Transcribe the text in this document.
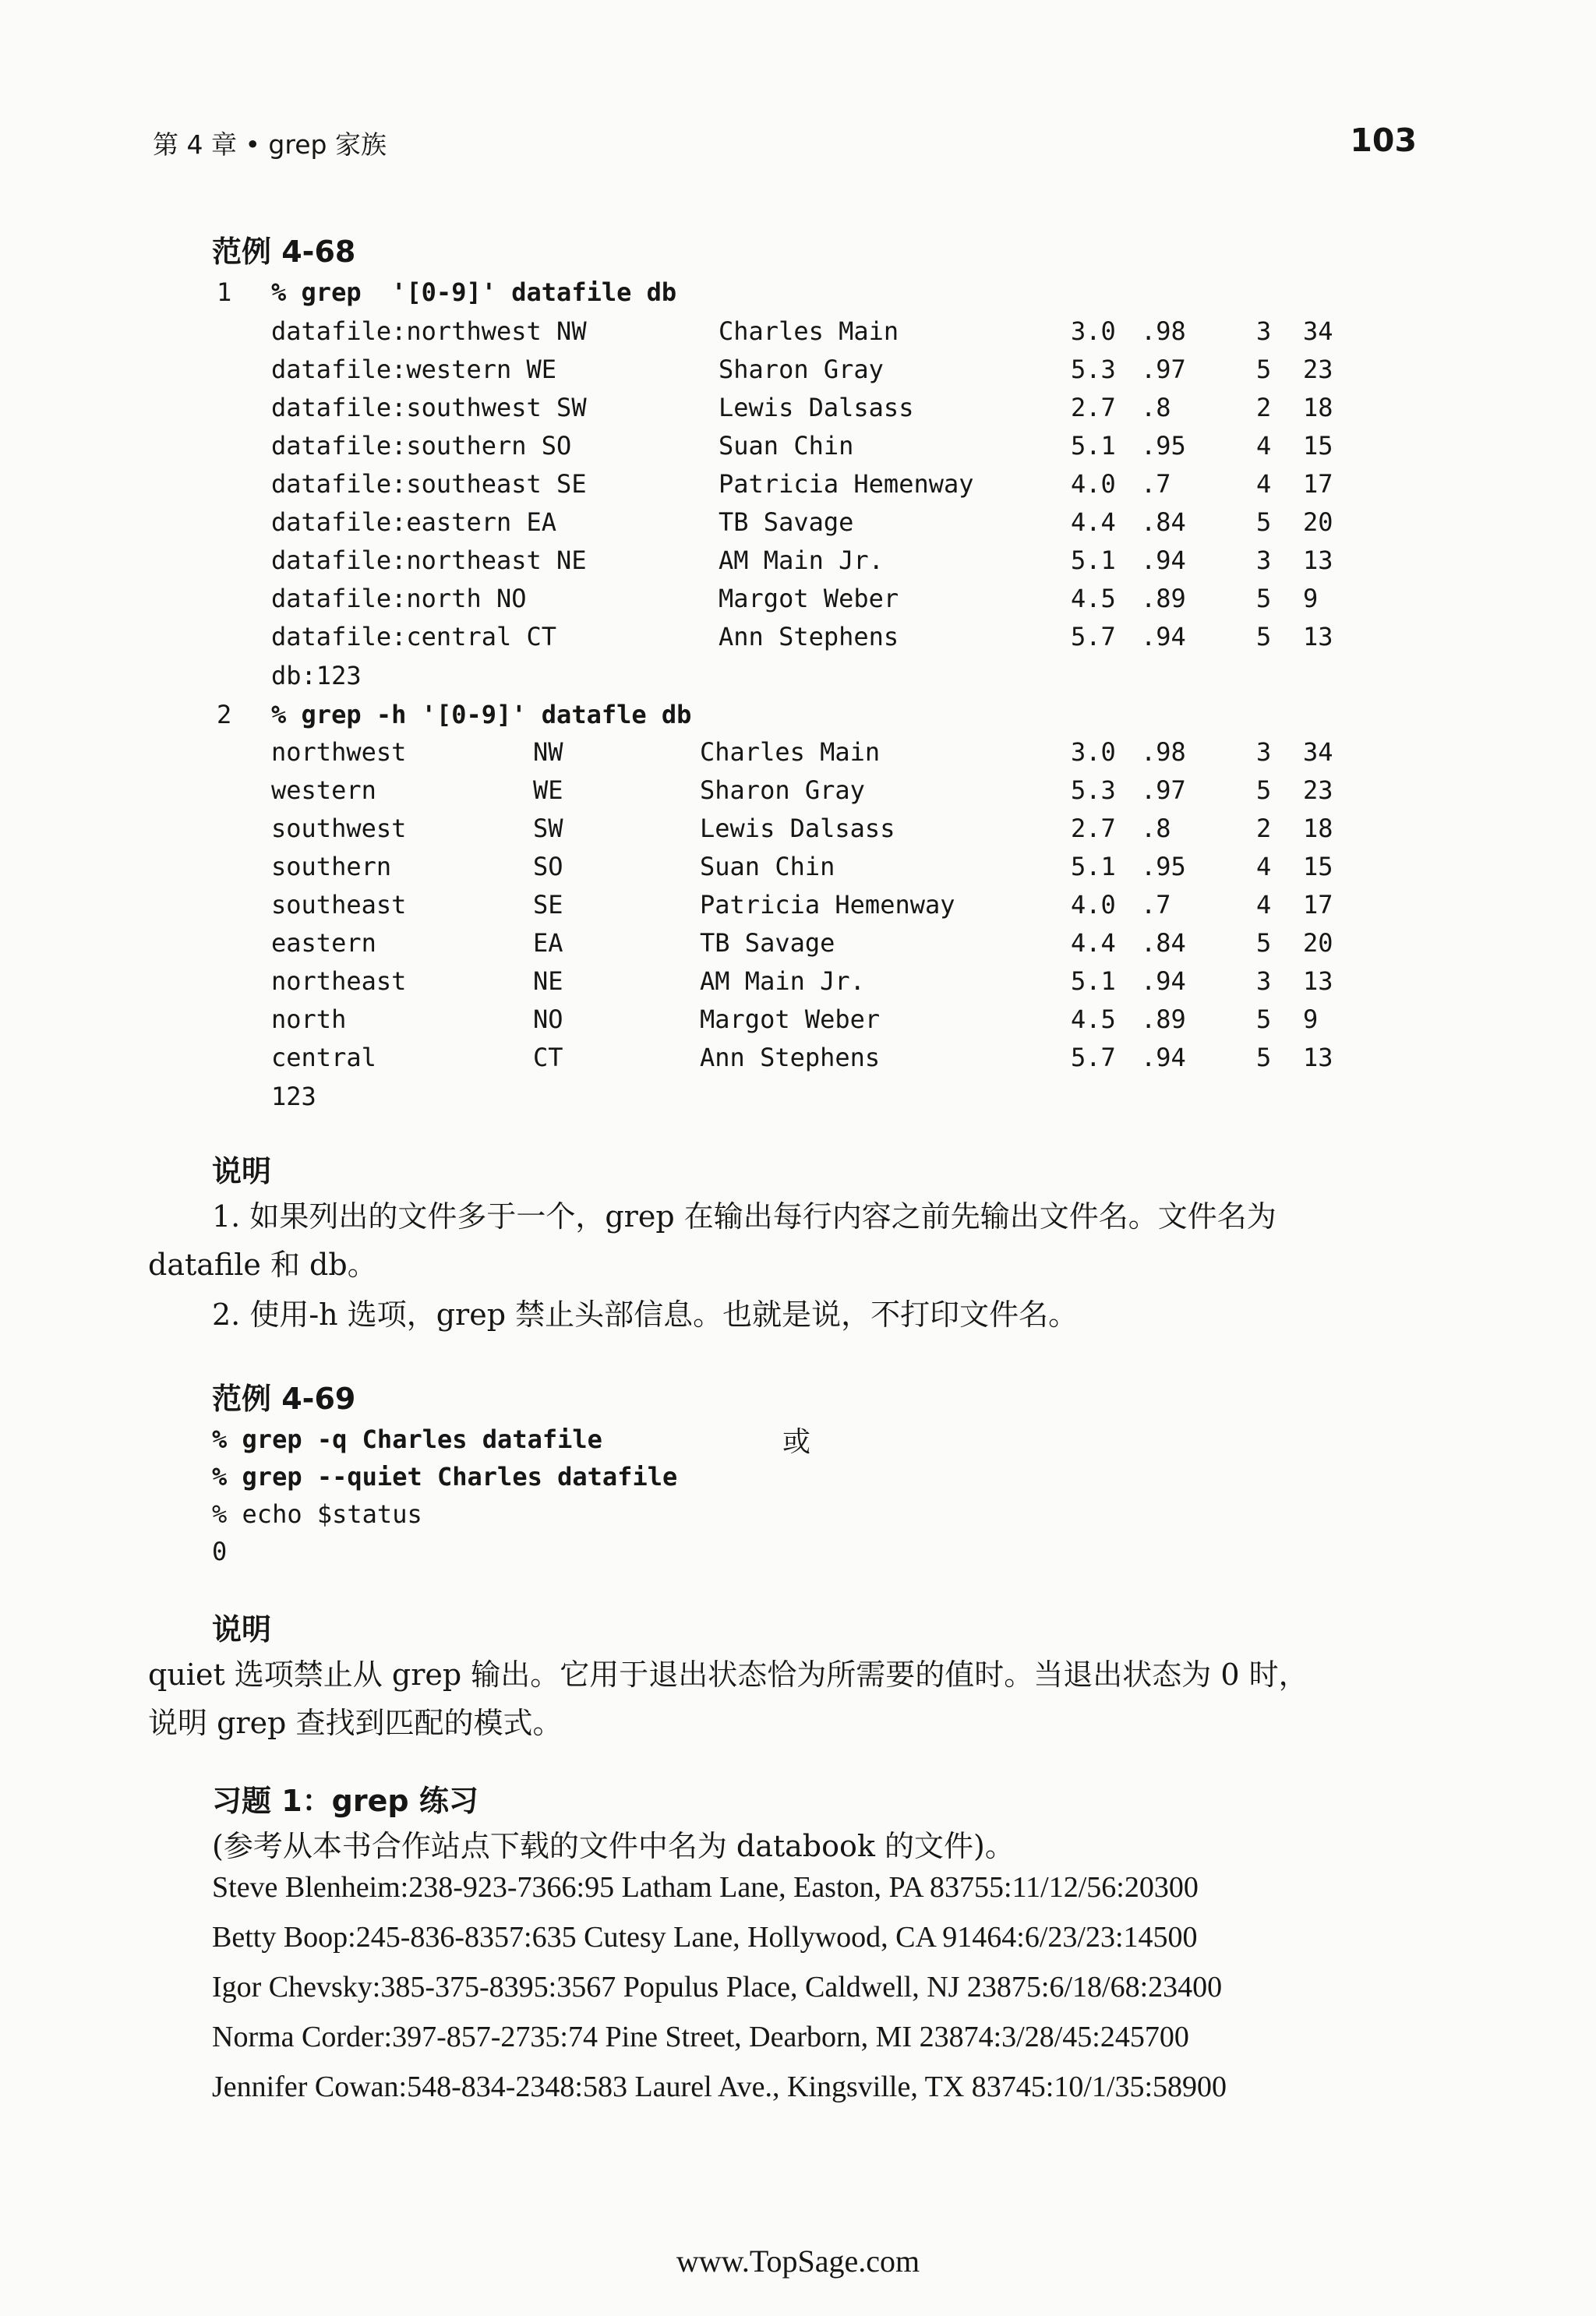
第 4 章 • grep 家族	103
范例 4-68
1 % grep  '[0-9]' datafile db
datafile:northwest NW	Charles Main	3.0 .98	3 34
datafile:western WE	Sharon Gray	5.3 .97	5 23
datafile:southwest SW	Lewis Dalsass	2.7 .8	2 18
datafile:southern SO	Suan Chin	5.1 .95	4 15
datafile:southeast SE	Patricia Hemenway	4.0 .7	4 17
datafile:eastern EA	TB Savage	4.4 .84	5 20
datafile:northeast NE	AM Main Jr.	5.1 .94	3 13
datafile:north NO	Margot Weber	4.5 .89	5 9
datafile:central CT	Ann Stephens	5.7 .94	5 13
db:123
2 % grep -h '[0-9]' datafle db
northwest	NW	Charles Main	3.0 .98	3 34
western	WE	Sharon Gray	5.3 .97	5 23
southwest	SW	Lewis Dalsass	2.7 .8	2 18
southern	SO	Suan Chin	5.1 .95	4 15
southeast	SE	Patricia Hemenway	4.0 .7	4 17
eastern	EA	TB Savage	4.4 .84	5 20
northeast	NE	AM Main Jr.	5.1 .94	3 13
north	NO	Margot Weber	4.5 .89	5 9
central	CT	Ann Stephens	5.7 .94	5 13
123
说明
1. 如果列出的文件多于一个，grep 在输出每行内容之前先输出文件名。文件名为
datafile 和 db。
2. 使用-h 选项，grep 禁止头部信息。也就是说，不打印文件名。
范例 4-69
% grep -q Charles datafile	或
% grep --quiet Charles datafile
% echo $status
0
说明
quiet 选项禁止从 grep 输出。它用于退出状态恰为所需要的值时。当退出状态为 0 时，
说明 grep 查找到匹配的模式。
习题 1：grep 练习
(参考从本书合作站点下载的文件中名为 databook 的文件)。
Steve Blenheim:238-923-7366:95 Latham Lane, Easton, PA 83755:11/12/56:20300
Betty Boop:245-836-8357:635 Cutesy Lane, Hollywood, CA 91464:6/23/23:14500
Igor Chevsky:385-375-8395:3567 Populus Place, Caldwell, NJ 23875:6/18/68:23400
Norma Corder:397-857-2735:74 Pine Street, Dearborn, MI 23874:3/28/45:245700
Jennifer Cowan:548-834-2348:583 Laurel Ave., Kingsville, TX 83745:10/1/35:58900
www.TopSage.com
